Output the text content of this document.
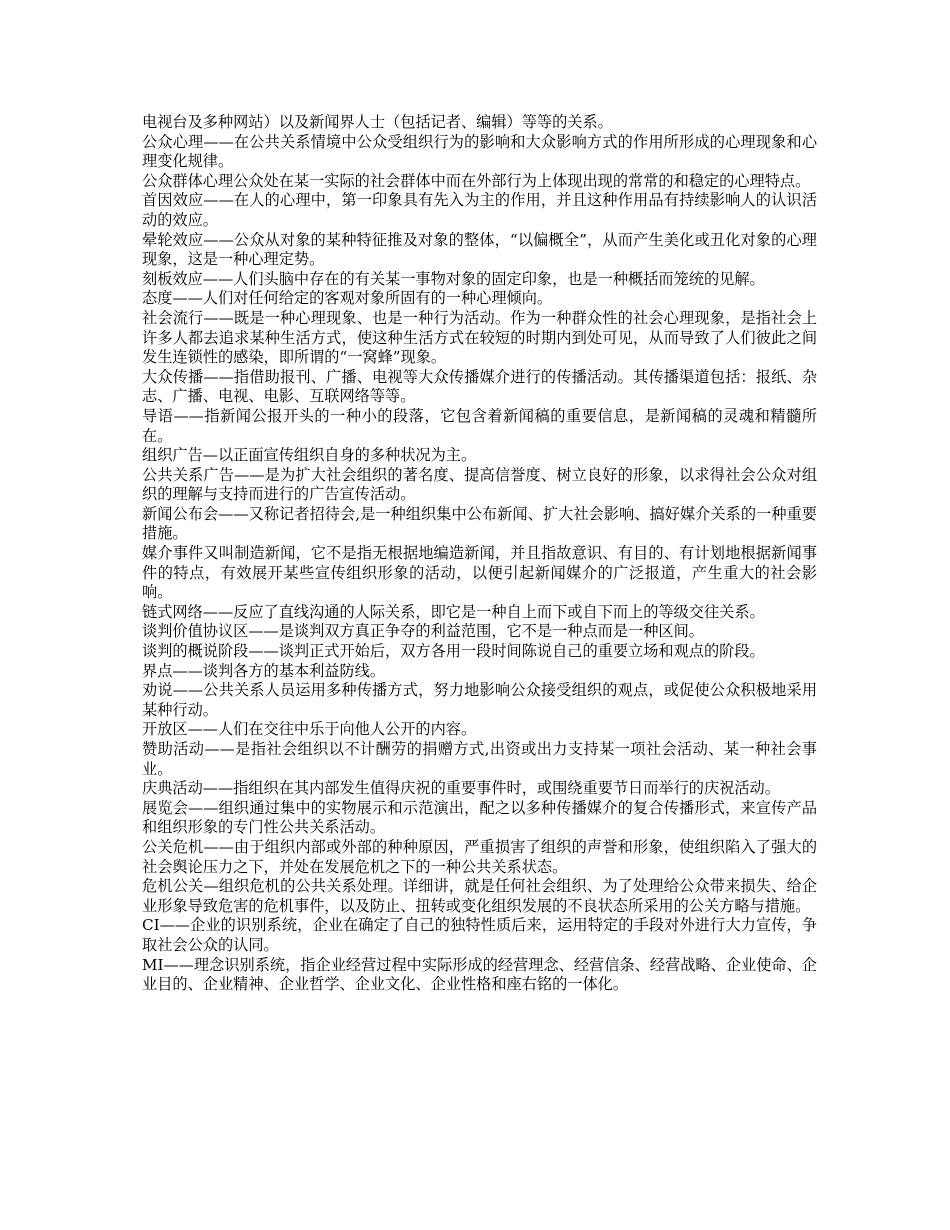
电视台及多种网站）以及新闻界人士（包括记者、编辑）等等的关系。

公众心理——在公共关系情境中公众受组织行为的影响和大众影响方式的作用所形成的心理现象和心理变化规律。

公众群体心理公众处在某一实际的社会群体中而在外部行为上体现出现的常常的和稳定的心理特点。

首因效应——在人的心理中，第一印象具有先入为主的作用，并且这种作用品有持续影响人的认识活动的效应。

晕轮效应——公众从对象的某种特征推及对象的整体，“以偏概全”，从而产生美化或丑化对象的心理现象，这是一种心理定势。

刻板效应——人们头脑中存在的有关某一事物对象的固定印象，也是一种概括而笼统的见解。

态度——人们对任何给定的客观对象所固有的一种心理倾向。

社会流行——既是一种心理现象、也是一种行为活动。作为一种群众性的社会心理现象，是指社会上许多人都去追求某种生活方式，使这种生活方式在较短的时期内到处可见，从而导致了人们彼此之间发生连锁性的感染，即所谓的“一窝蜂”现象。

大众传播——指借助报刊、广播、电视等大众传播媒介进行的传播活动。其传播渠道包括：报纸、杂志、广播、电视、电影、互联网络等等。

导语——指新闻公报开头的一种小的段落，它包含着新闻稿的重要信息，是新闻稿的灵魂和精髓所在。

组织广告—以正面宣传组织自身的多种状况为主。

公共关系广告——是为扩大社会组织的著名度、提高信誉度、树立良好的形象，以求得社会公众对组织的理解与支持而进行的广告宣传活动。

新闻公布会——又称记者招待会,是一种组织集中公布新闻、扩大社会影响、搞好媒介关系的一种重要措施。

媒介事件又叫制造新闻，它不是指无根据地编造新闻，并且指故意识、有目的、有计划地根据新闻事件的特点，有效展开某些宣传组织形象的活动，以便引起新闻媒介的广泛报道，产生重大的社会影响。

链式网络——反应了直线沟通的人际关系，即它是一种自上而下或自下而上的等级交往关系。

谈判价值协议区——是谈判双方真正争夺的利益范围，它不是一种点而是一种区间。

谈判的概说阶段——谈判正式开始后，双方各用一段时间陈说自己的重要立场和观点的阶段。

界点——谈判各方的基本利益防线。

劝说——公共关系人员运用多种传播方式，努力地影响公众接受组织的观点，或促使公众积极地采用某种行动。

开放区——人们在交往中乐于向他人公开的内容。

赞助活动——是指社会组织以不计酬劳的捐赠方式,出资或出力支持某一项社会活动、某一种社会事业。

庆典活动——指组织在其内部发生值得庆祝的重要事件时，或围绕重要节日而举行的庆祝活动。

展览会——组织通过集中的实物展示和示范演出，配之以多种传播媒介的复合传播形式，来宣传产品和组织形象的专门性公共关系活动。

公关危机——由于组织内部或外部的种种原因，严重损害了组织的声誉和形象，使组织陷入了强大的社会舆论压力之下，并处在发展危机之下的一种公共关系状态。

危机公关—组织危机的公共关系处理。详细讲，就是任何社会组织、为了处理给公众带来损失、给企业形象导致危害的危机事件，以及防止、扭转或变化组织发展的不良状态所采用的公关方略与措施。

CI——企业的识别系统，企业在确定了自己的独特性质后来，运用特定的手段对外进行大力宣传，争取社会公众的认同。

MI——理念识别系统，指企业经营过程中实际形成的经营理念、经营信条、经营战略、企业使命、企业目的、企业精神、企业哲学、企业文化、企业性格和座右铭的一体化。
